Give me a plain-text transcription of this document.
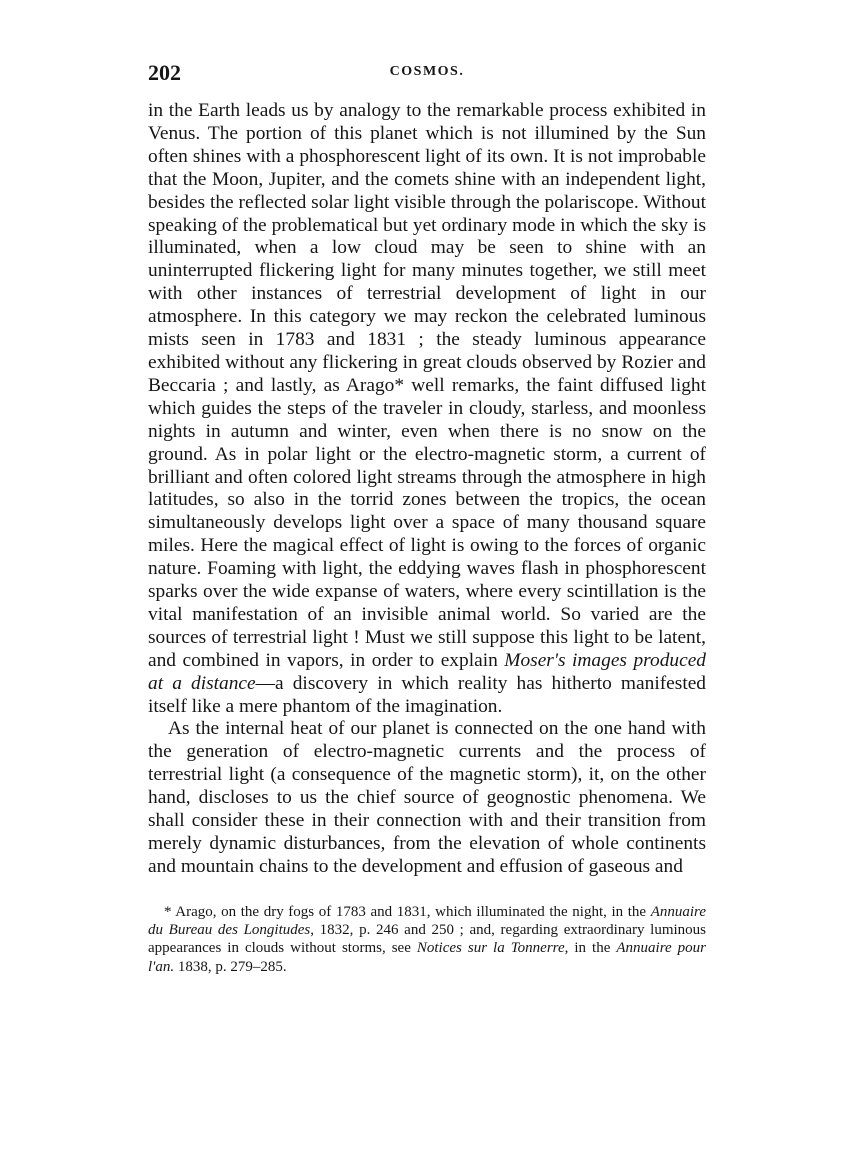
202	COSMOS.

in the Earth leads us by analogy to the remarkable process exhibited in Venus. The portion of this planet which is not illumined by the Sun often shines with a phosphorescent light of its own. It is not improbable that the Moon, Jupiter, and the comets shine with an independent light, besides the reflected solar light visible through the polariscope. Without speaking of the problematical but yet ordinary mode in which the sky is illuminated, when a low cloud may be seen to shine with an uninterrupted flickering light for many minutes together, we still meet with other instances of terrestrial development of light in our atmosphere. In this category we may reckon the celebrated luminous mists seen in 1783 and 1831 ; the steady luminous appearance exhibited without any flickering in great clouds observed by Rozier and Beccaria ; and lastly, as Arago* well remarks, the faint diffused light which guides the steps of the traveler in cloudy, starless, and moonless nights in autumn and winter, even when there is no snow on the ground. As in polar light or the electro-magnetic storm, a current of brilliant and often colored light streams through the atmosphere in high latitudes, so also in the torrid zones between the tropics, the ocean simultaneously develops light over a space of many thousand square miles. Here the magical effect of light is owing to the forces of organic nature. Foaming with light, the eddying waves flash in phosphorescent sparks over the wide expanse of waters, where every scintillation is the vital manifestation of an invisible animal world. So varied are the sources of terrestrial light ! Must we still suppose this light to be latent, and combined in vapors, in order to explain Moser's images produced at a distance—a discovery in which reality has hitherto manifested itself like a mere phantom of the imagination.

As the internal heat of our planet is connected on the one hand with the generation of electro-magnetic currents and the process of terrestrial light (a consequence of the magnetic storm), it, on the other hand, discloses to us the chief source of geognostic phenomena. We shall consider these in their connection with and their transition from merely dynamic disturbances, from the elevation of whole continents and mountain chains to the development and effusion of gaseous and

* Arago, on the dry fogs of 1783 and 1831, which illuminated the night, in the Annuaire du Bureau des Longitudes, 1832, p. 246 and 250 ; and, regarding extraordinary luminous appearances in clouds without storms, see Notices sur la Tonnerre, in the Annuaire pour l'an. 1838, p. 279–285.
